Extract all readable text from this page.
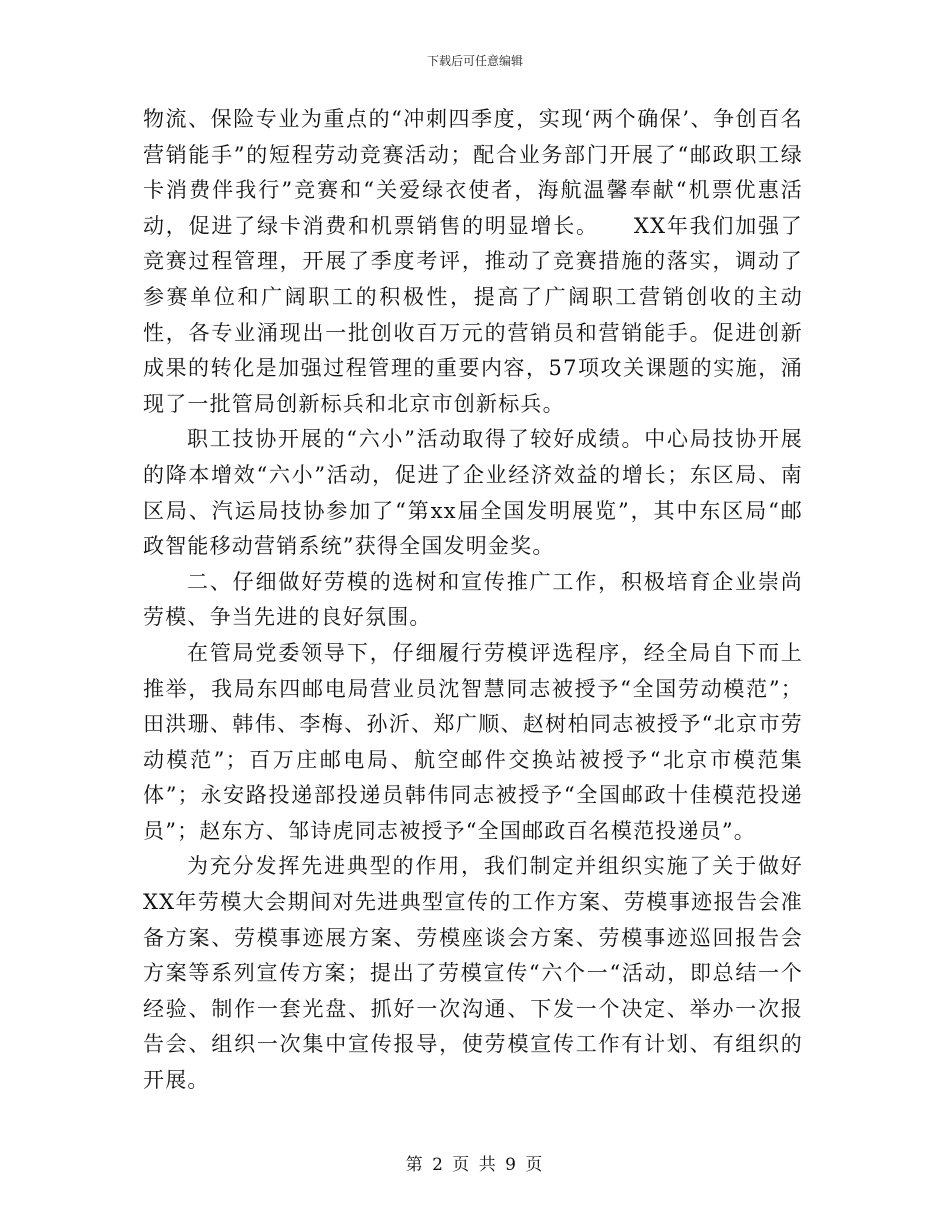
下载后可任意编辑

物流、保险专业为重点的“冲刺四季度，实现‘两个确保’、争创百名营销能手”的短程劳动竞赛活动；配合业务部门开展了“邮政职工绿卡消费伴我行”竞赛和“关爱绿衣使者，海航温馨奉献“机票优惠活动，促进了绿卡消费和机票销售的明显增长。　　XX年我们加强了竞赛过程管理，开展了季度考评，推动了竞赛措施的落实，调动了参赛单位和广阔职工的积极性，提高了广阔职工营销创收的主动性，各专业涌现出一批创收百万元的营销员和营销能手。促进创新成果的转化是加强过程管理的重要内容，57项攻关课题的实施，涌现了一批管局创新标兵和北京市创新标兵。

职工技协开展的“六小”活动取得了较好成绩。中心局技协开展的降本增效“六小”活动，促进了企业经济效益的增长；东区局、南区局、汽运局技协参加了“第xx届全国发明展览”，其中东区局“邮政智能移动营销系统”获得全国发明金奖。

二、仔细做好劳模的选树和宣传推广工作，积极培育企业崇尚劳模、争当先进的良好氛围。

在管局党委领导下，仔细履行劳模评选程序，经全局自下而上推举，我局东四邮电局营业员沈智慧同志被授予“全国劳动模范”；田洪珊、韩伟、李梅、孙沂、郑广顺、赵树柏同志被授予“北京市劳动模范”；百万庄邮电局、航空邮件交换站被授予“北京市模范集体”；永安路投递部投递员韩伟同志被授予“全国邮政十佳模范投递员”；赵东方、邹诗虎同志被授予“全国邮政百名模范投递员”。

为充分发挥先进典型的作用，我们制定并组织实施了关于做好XX年劳模大会期间对先进典型宣传的工作方案、劳模事迹报告会准备方案、劳模事迹展方案、劳模座谈会方案、劳模事迹巡回报告会方案等系列宣传方案；提出了劳模宣传“六个一“活动，即总结一个经验、制作一套光盘、抓好一次沟通、下发一个决定、举办一次报告会、组织一次集中宣传报导，使劳模宣传工作有计划、有组织的开展。

第 2 页 共 9 页
